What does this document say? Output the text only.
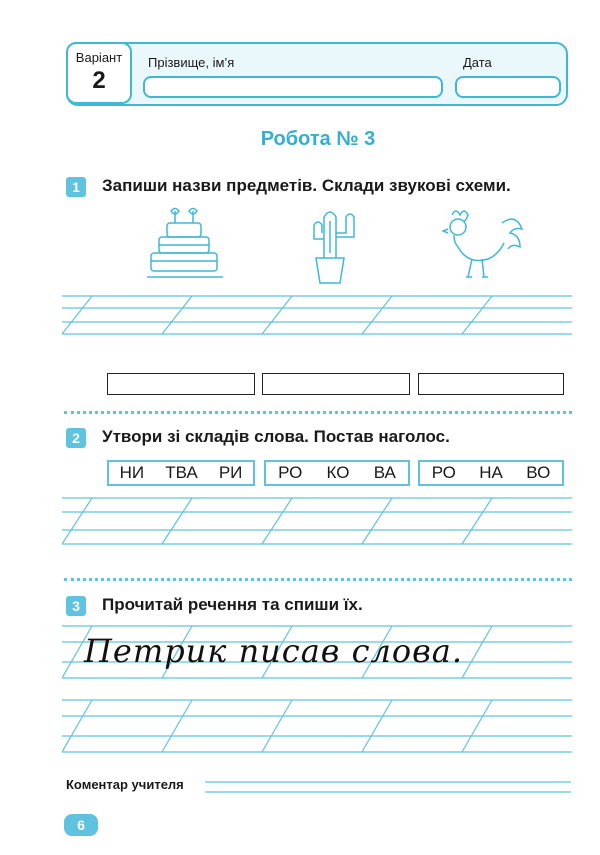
Варіант
2
Прізвище, ім’я	Дата
Робота № 3
1	Запиши назви предметів. Склади звукові схеми.
2	Утвори зі складів слова. Постав наголос.
НИ ТВА РИ РО КО ВА РО НА ВО
3	Прочитай речення та спиши їх.
Петрик писав слова.
Коментар учителя
6
